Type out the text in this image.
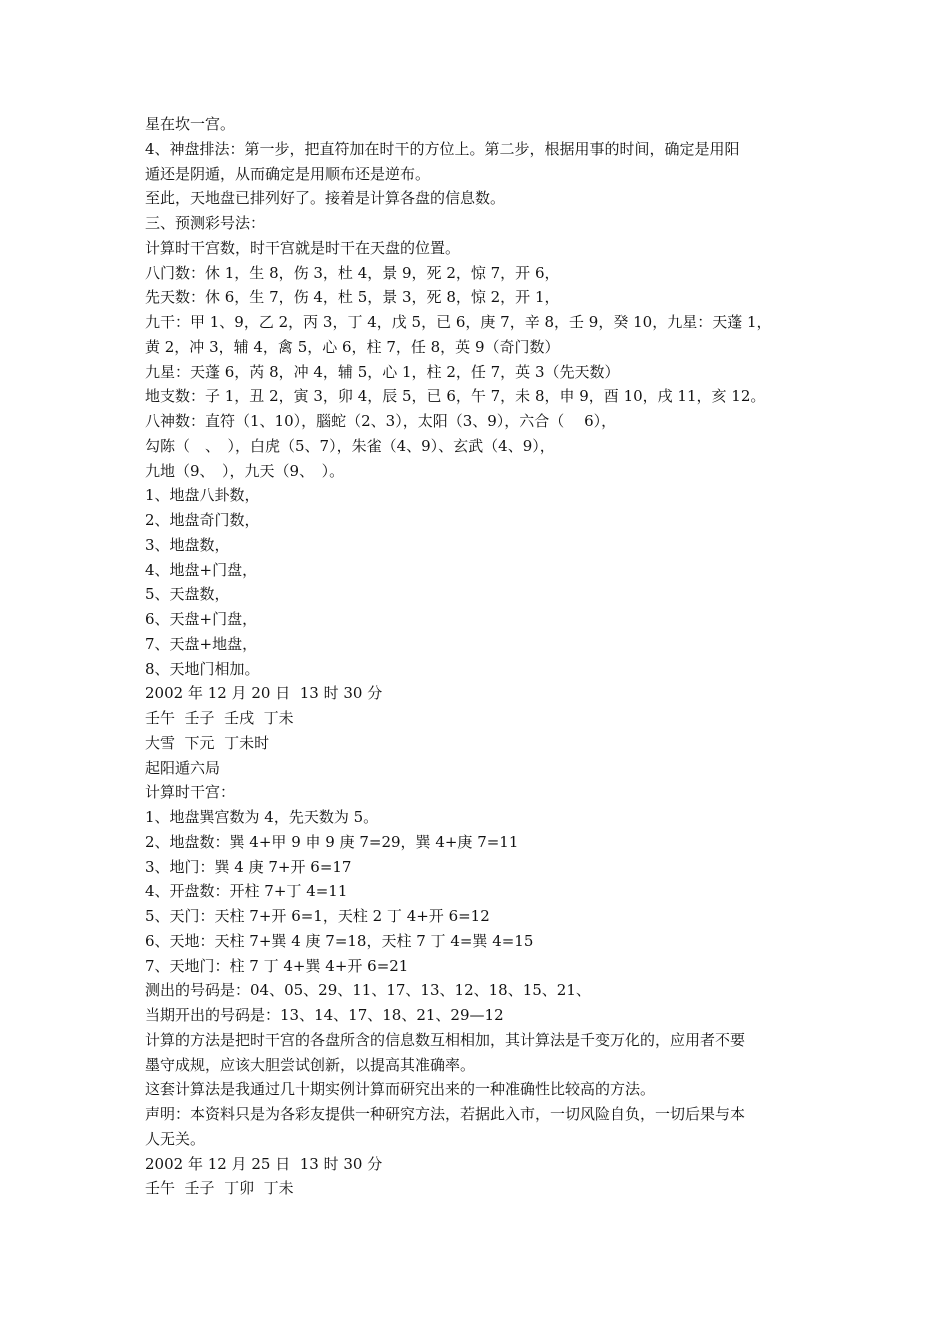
星在坎一宫。
4、神盘排法：第一步，把直符加在时干的方位上。第二步，根据用事的时间，确定是用阳
遁还是阴遁，从而确定是用顺布还是逆布。
至此，天地盘已排列好了。接着是计算各盘的信息数。
三、预测彩号法：
计算时干宫数，时干宫就是时干在天盘的位置。
八门数：休 1，生 8，伤 3，杜 4，景 9，死 2，惊 7，开 6，
先天数：休 6，生 7，伤 4，杜 5，景 3，死 8，惊 2，开 1，
九干：甲 1、9，乙 2，丙 3，丁 4，戊 5，已 6，庚 7，辛 8，壬 9，癸 10，九星：天蓬 1，
黄 2，冲 3，辅 4，禽 5，心 6，柱 7，任 8，英 9（奇门数）
九星：天蓬 6，芮 8，冲 4，辅 5，心 1，柱 2，任 7，英 3（先天数）
地支数：子 1，丑 2，寅 3，卯 4，辰 5，已 6，午 7，未 8，申 9，酉 10，戌 11，亥 12。
八神数：直符（1、10），腦蛇（2、3），太阳（3、9），六合（　 6），
勾陈（　、　），白虎（5、7），朱雀（4、9）、玄武（4、9），
九地（9、　），九天（9、　）。
1、地盘八卦数，
2、地盘奇门数，
3、地盘数，
4、地盘+门盘，
5、天盘数，
6、天盘+门盘，
7、天盘+地盘，
8、天地门相加。
2002 年 12 月 20 日  13 时 30 分
壬午  壬子  壬戌  丁未
大雪  下元  丁未时
起阳遁六局
计算时干宫：
1、地盘巽宫数为 4，先天数为 5。
2、地盘数：巽 4+甲 9 申 9 庚 7=29，巽 4+庚 7=11
3、地门：巽 4 庚 7+开 6=17
4、开盘数：开柱 7+丁 4=11
5、天门：天柱 7+开 6=1，天柱 2 丁 4+开 6=12
6、天地：天柱 7+巽 4 庚 7=18，天柱 7 丁 4=巽 4=15
7、天地门：柱 7 丁 4+巽 4+开 6=21
测出的号码是：04、05、29、11、17、13、12、18、15、21、
当期开出的号码是：13、14、17、18、21、29—12
计算的方法是把时干宫的各盘所含的信息数互相相加，其计算法是千变万化的，应用者不要
墨守成规，应该大胆尝试创新，以提高其准确率。
这套计算法是我通过几十期实例计算而研究出来的一种准确性比较高的方法。
声明：本资料只是为各彩友提供一种研究方法，若据此入市，一切风险自负，一切后果与本
人无关。
2002 年 12 月 25 日  13 时 30 分
壬午  壬子  丁卯  丁未
